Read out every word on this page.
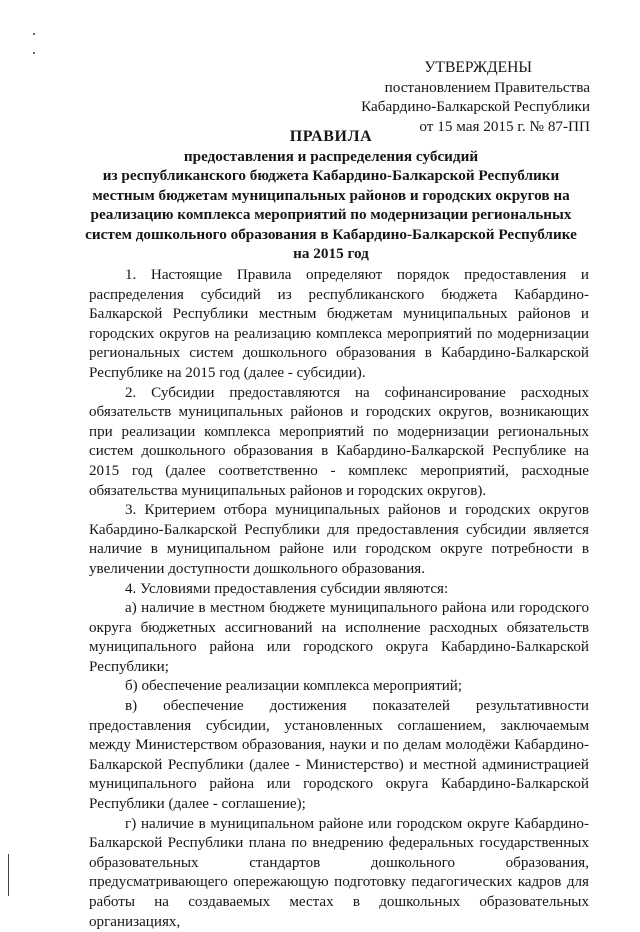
УТВЕРЖДЕНЫ
постановлением Правительства
Кабардино-Балкарской Республики
от 15 мая 2015 г. № 87-ПП
ПРАВИЛА
предоставления и распределения субсидий
из республиканского бюджета Кабардино-Балкарской Республики
местным бюджетам муниципальных районов и городских округов на
реализацию комплекса мероприятий по модернизации региональных
систем дошкольного образования в Кабардино-Балкарской Республике
на 2015 год

1. Настоящие Правила определяют порядок предоставления и распределения субсидий из республиканского бюджета Кабардино-Балкарской Республики местным бюджетам муниципальных районов и городских округов на реализацию комплекса мероприятий по модернизации региональных систем дошкольного образования в Кабардино-Балкарской Республике на 2015 год (далее - субсидии).

2. Субсидии предоставляются на софинансирование расходных обязательств муниципальных районов и городских округов, возникающих при реализации комплекса мероприятий по модернизации региональных систем дошкольного образования в Кабардино-Балкарской Республике на 2015 год (далее соответственно - комплекс мероприятий, расходные обязательства муниципальных районов и городских округов).

3. Критерием отбора муниципальных районов и городских округов Кабардино-Балкарской Республики для предоставления субсидии является наличие в муниципальном районе или городском округе потребности в увеличении доступности дошкольного образования.

4. Условиями предоставления субсидии являются:

а) наличие в местном бюджете муниципального района или городского округа бюджетных ассигнований на исполнение расходных обязательств муниципального района или городского округа Кабардино-Балкарской Республики;

б) обеспечение реализации комплекса мероприятий;

в) обеспечение достижения показателей результативности предоставления субсидии, установленных соглашением, заключаемым между Министерством образования, науки и по делам молодёжи Кабардино-Балкарской Республики (далее - Министерство) и местной администрацией муниципального района или городского округа Кабардино-Балкарской Республики (далее - соглашение);

г) наличие в муниципальном районе или городском округе Кабардино-Балкарской Республики плана по внедрению федеральных государственных образовательных стандартов дошкольного образования, предусматривающего опережающую подготовку педагогических кадров для работы на создаваемых местах в дошкольных образовательных организациях,
